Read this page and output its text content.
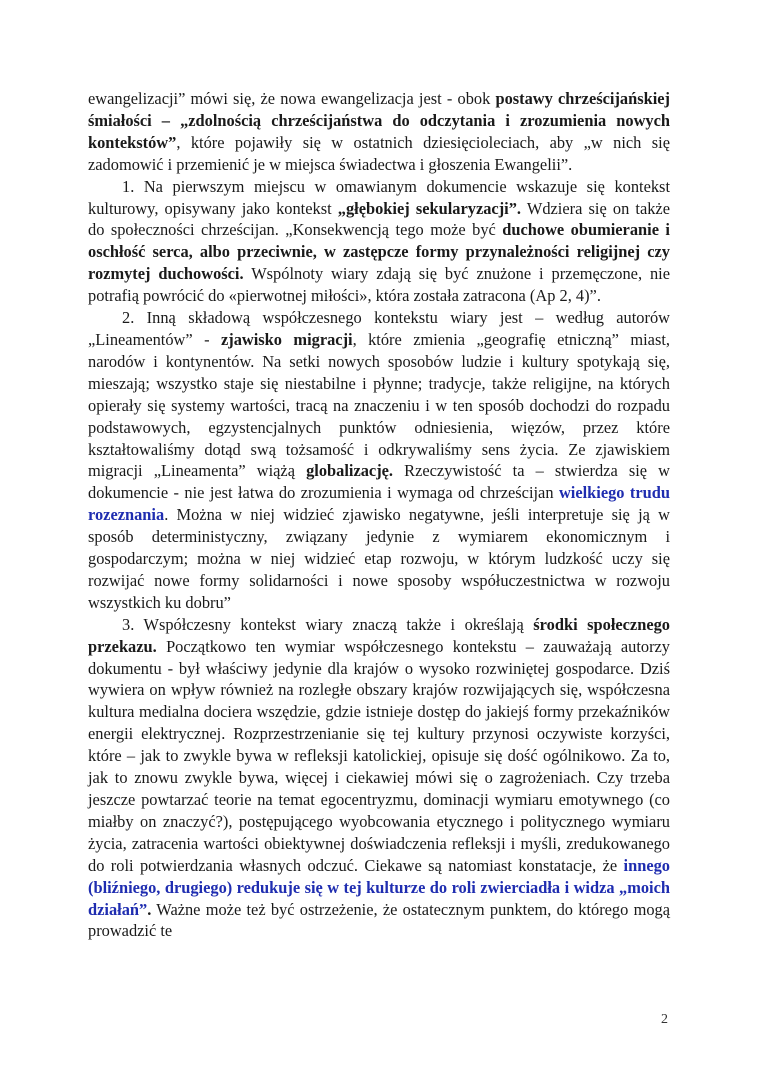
ewangelizacji” mówi się, że nowa ewangelizacja jest - obok postawy chrześcijańskiej śmiałości – „zdolnością chrześcijaństwa do odczytania i zrozumienia nowych kontekstów”, które pojawiły się w ostatnich dziesięcioleciach, aby „w nich się zadomowić i przemienić je w miejsca świadectwa i głoszenia Ewangelii”.

1. Na pierwszym miejscu w omawianym dokumencie wskazuje się kontekst kulturowy, opisywany jako kontekst „głębokiej sekularyzacji”. Wdziera się on także do społeczności chrześcijan. „Konsekwencją tego może być duchowe obumieranie i oschłość serca, albo przeciwnie, w zastępcze formy przynależności religijnej czy rozmytej duchowości. Wspólnoty wiary zdają się być znużone i przemęczone, nie potrafią powrócić do «pierwotnej miłości», która została zatracona (Ap 2, 4)”.

2. Inną składową współczesnego kontekstu wiary jest – według autorów „Lineamentów” - zjawisko migracji, które zmienia „geografię etniczną” miast, narodów i kontynentów. Na setki nowych sposobów ludzie i kultury spotykają się, mieszają; wszystko staje się niestabilne i płynne; tradycje, także religijne, na których opierały się systemy wartości, tracą na znaczeniu i w ten sposób dochodzi do rozpadu podstawowych, egzystencjalnych punktów odniesienia, więzów, przez które kształtowaliśmy dotąd swą tożsamość i odkrywaliśmy sens życia. Ze zjawiskiem migracji „Lineamenta” wiążą globalizację. Rzeczywistość ta – stwierdza się w dokumencie - nie jest łatwa do zrozumienia i wymaga od chrześcijan wielkiego trudu rozeznania. Można w niej widzieć zjawisko negatywne, jeśli interpretuje się ją w sposób deterministyczny, związany jedynie z wymiarem ekonomicznym i gospodarczym; można w niej widzieć etap rozwoju, w którym ludzkość uczy się rozwijać nowe formy solidarności i nowe sposoby współuczestnictwa w rozwoju wszystkich ku dobru”

3. Współczesny kontekst wiary znaczą także i określają środki społecznego przekazu. Początkowo ten wymiar współczesnego kontekstu – zauważają autorzy dokumentu - był właściwy jedynie dla krajów o wysoko rozwiniętej gospodarce. Dziś wywiera on wpływ również na rozległe obszary krajów rozwijających się, współczesna kultura medialna dociera wszędzie, gdzie istnieje dostęp do jakiejś formy przekaźników energii elektrycznej. Rozprzestrzenianie się tej kultury przynosi oczywiste korzyści, które – jak to zwykle bywa w refleksji katolickiej, opisuje się dość ogólnikowo. Za to, jak to znowu zwykle bywa, więcej i ciekawiej mówi się o zagrożeniach. Czy trzeba jeszcze powtarzać teorie na temat egocentryzmu, dominacji wymiaru emotywnego (co miałby on znaczyć?), postępującego wyobcowania etycznego i politycznego wymiaru życia, zatracenia wartości obiektywnej doświadczenia refleksji i myśli, zredukowanego do roli potwierdzania własnych odczuć. Ciekawe są natomiast konstatacje, że innego (bliźniego, drugiego) redukuje się w tej kulturze do roli zwierciadła i widza „moich działań”. Ważne może też być ostrzeżenie, że ostatecznym punktem, do którego mogą prowadzić te

2
